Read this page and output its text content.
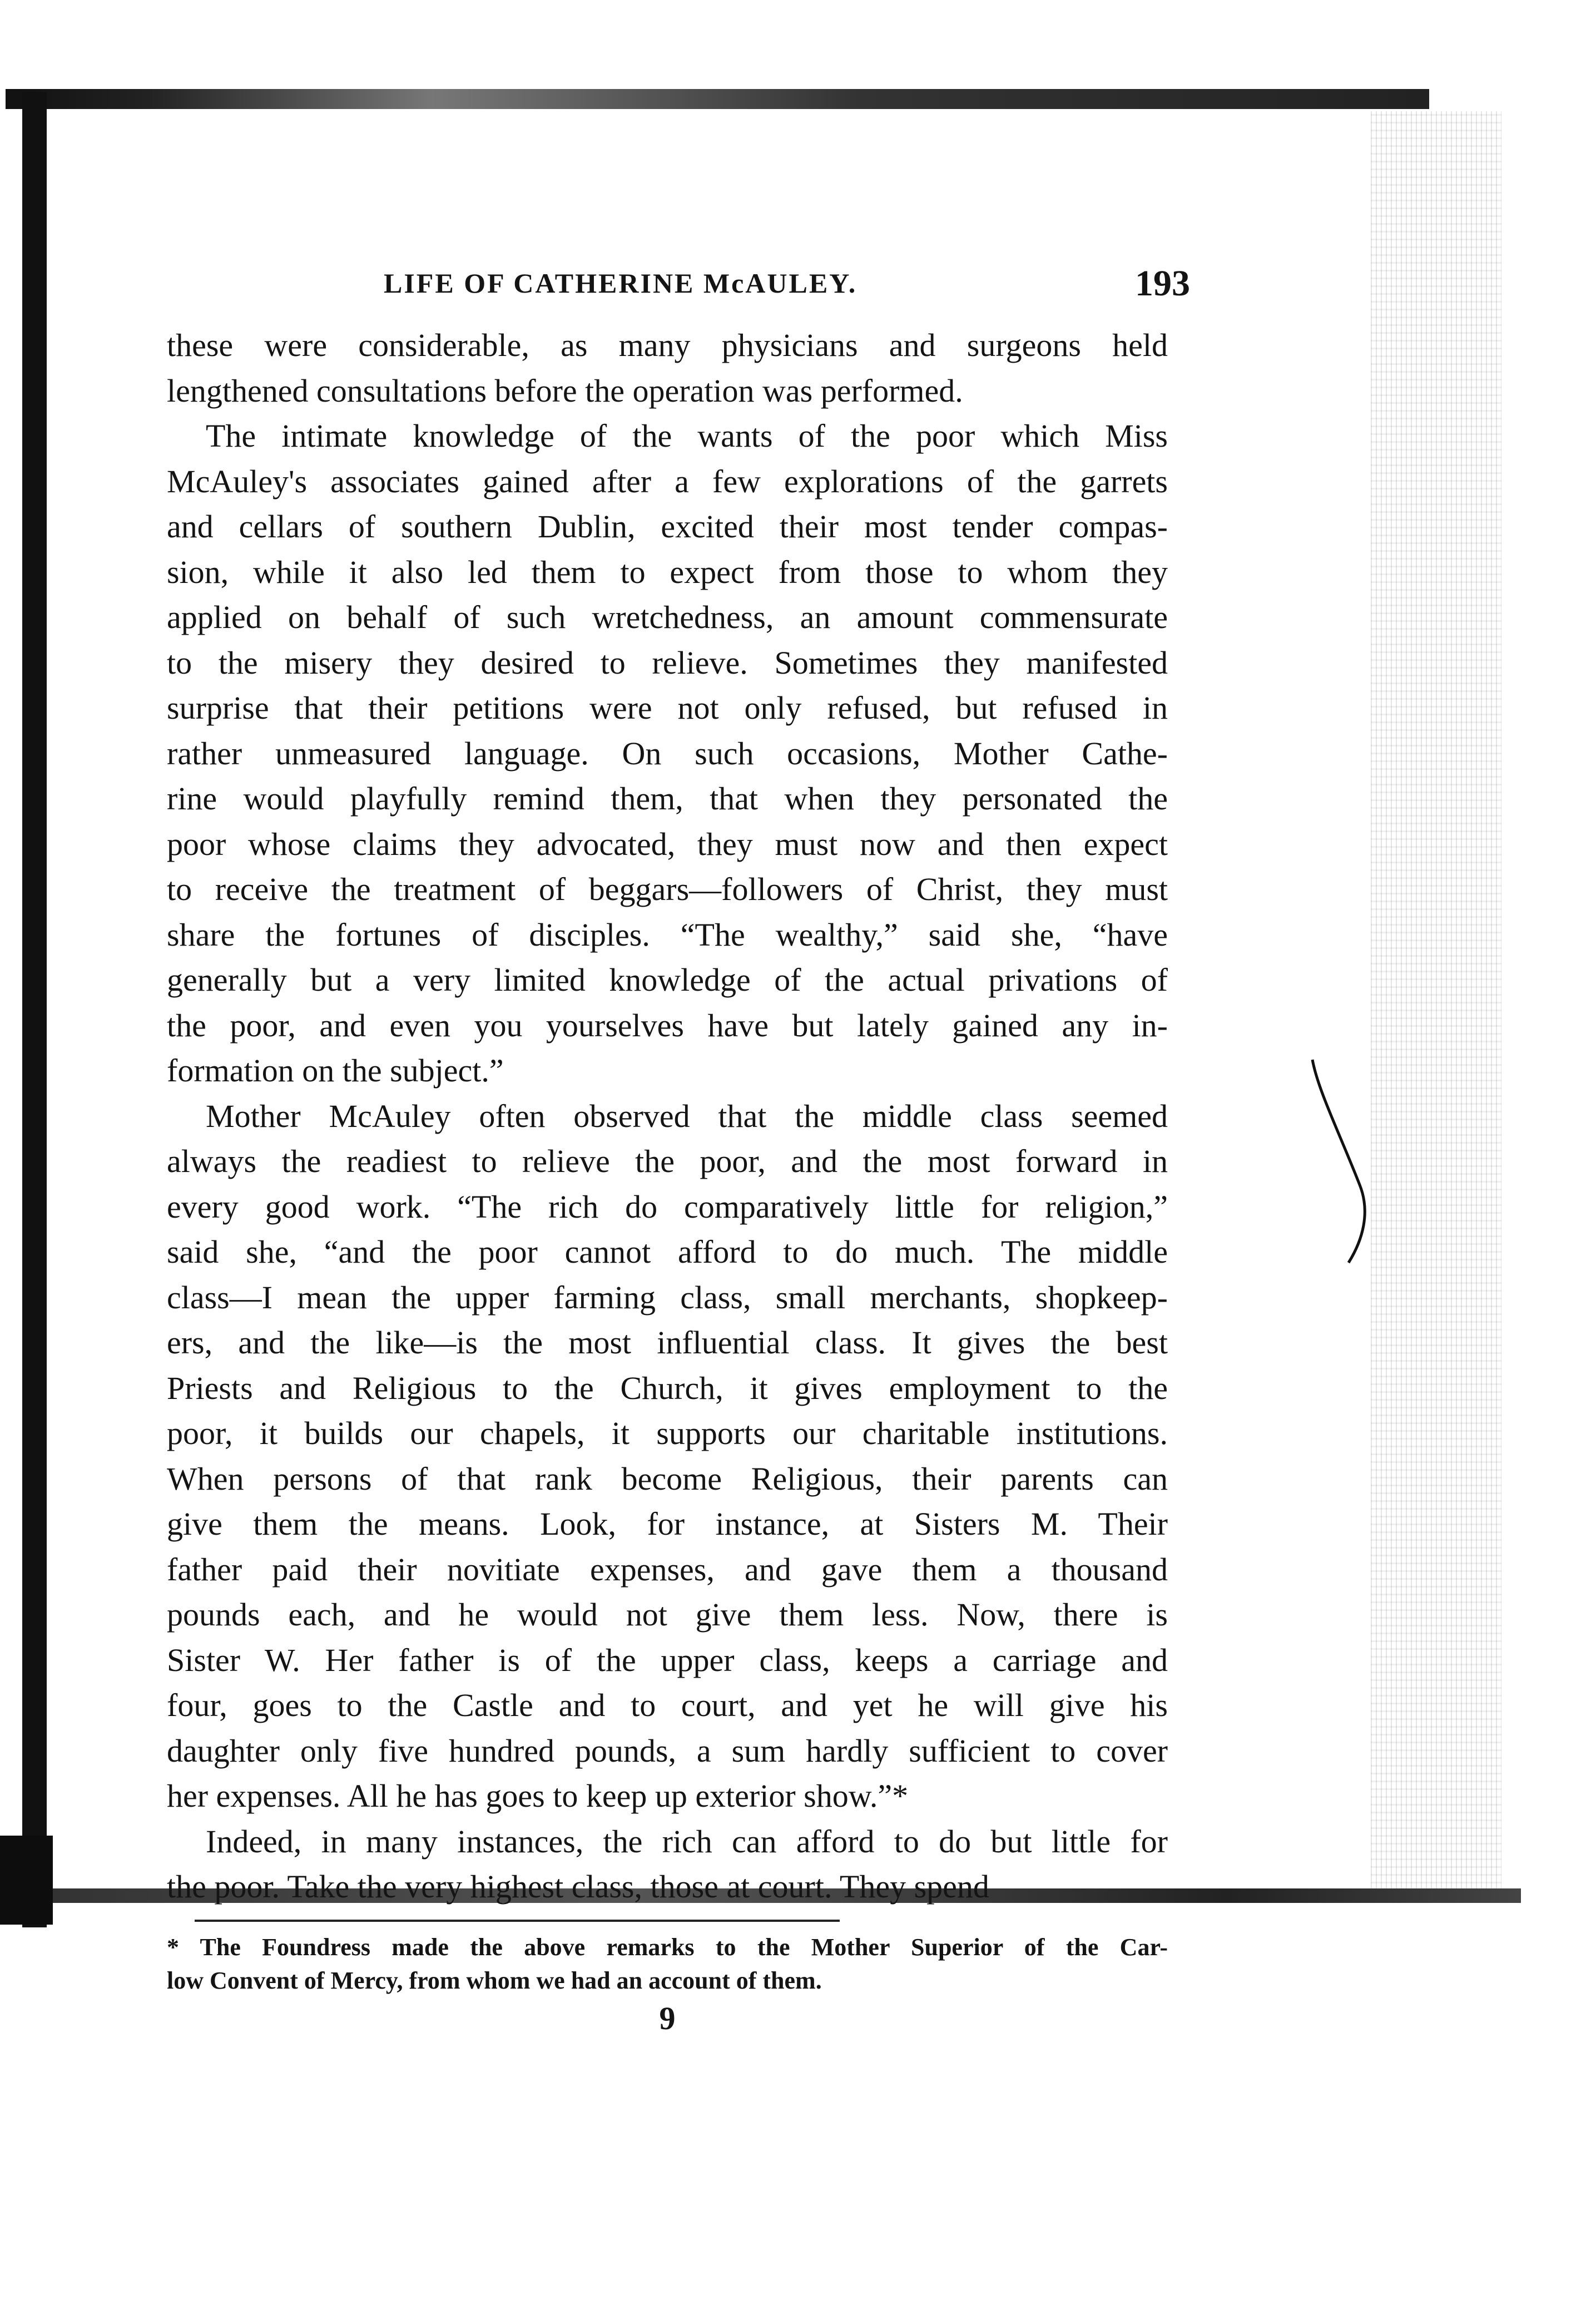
LIFE OF CATHERINE McAULEY.	193

these were considerable, as many physicians and surgeons held
lengthened consultations before the operation was performed.

The intimate knowledge of the wants of the poor which Miss
McAuley's associates gained after a few explorations of the garrets
and cellars of southern Dublin, excited their most tender compas-
sion, while it also led them to expect from those to whom they
applied on behalf of such wretchedness, an amount commensurate
to the misery they desired to relieve. Sometimes they manifested
surprise that their petitions were not only refused, but refused in
rather unmeasured language. On such occasions, Mother Cathe-
rine would playfully remind them, that when they personated the
poor whose claims they advocated, they must now and then expect
to receive the treatment of beggars—followers of Christ, they must
share the fortunes of disciples. “The wealthy,” said she, “have
generally but a very limited knowledge of the actual privations of
the poor, and even you yourselves have but lately gained any in-
formation on the subject.”

Mother McAuley often observed that the middle class seemed
always the readiest to relieve the poor, and the most forward in
every good work. “The rich do comparatively little for religion,”
said she, “and the poor cannot afford to do much. The middle
class—I mean the upper farming class, small merchants, shopkeep-
ers, and the like—is the most influential class. It gives the best
Priests and Religious to the Church, it gives employment to the
poor, it builds our chapels, it supports our charitable institutions.
When persons of that rank become Religious, their parents can
give them the means. Look, for instance, at Sisters M. Their
father paid their novitiate expenses, and gave them a thousand
pounds each, and he would not give them less. Now, there is
Sister W. Her father is of the upper class, keeps a carriage and
four, goes to the Castle and to court, and yet he will give his
daughter only five hundred pounds, a sum hardly sufficient to cover
her expenses. All he has goes to keep up exterior show.”*

Indeed, in many instances, the rich can afford to do but little for
the poor. Take the very highest class, those at court. They spend

* The Foundress made the above remarks to the Mother Superior of the Car-
low Convent of Mercy, from whom we had an account of them.
9
